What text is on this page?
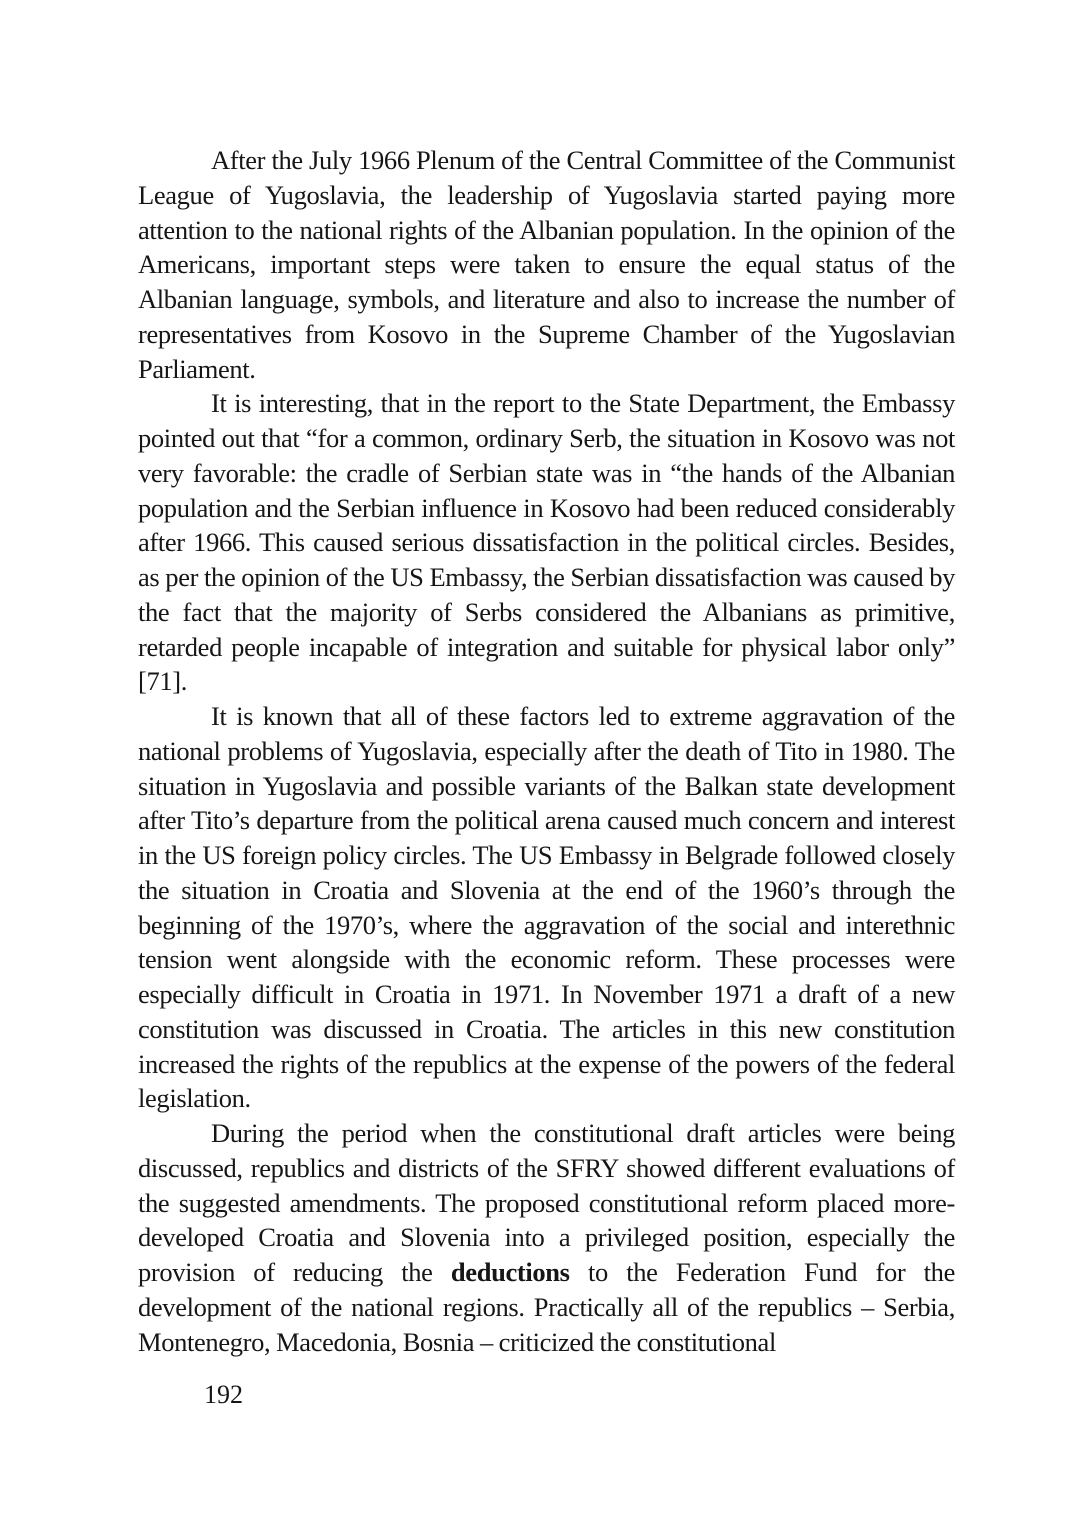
After the July 1966 Plenum of the Central Committee of the Communist League of Yugoslavia, the leadership of Yugoslavia started paying more attention to the national rights of the Albanian population. In the opinion of the Americans, important steps were taken to ensure the equal status of the Albanian language, symbols, and literature and also to increase the number of representatives from Kosovo in the Supreme Chamber of the Yugoslavian Parliament.

It is interesting, that in the report to the State Department, the Embassy pointed out that “for a common, ordinary Serb, the situation in Kosovo was not very favorable: the cradle of Serbian state was in “the hands of the Albanian population and the Serbian influence in Kosovo had been reduced considerably after 1966. This caused serious dissatisfaction in the political circles. Besides, as per the opinion of the US Embassy, the Serbian dissatisfaction was caused by the fact that the majority of Serbs considered the Albanians as primitive, retarded people incapable of integration and suitable for physical labor only” [71].

It is known that all of these factors led to extreme aggravation of the national problems of Yugoslavia, especially after the death of Tito in 1980. The situation in Yugoslavia and possible variants of the Balkan state development after Tito’s departure from the political arena caused much concern and interest in the US foreign policy circles. The US Embassy in Belgrade followed closely the situation in Croatia and Slovenia at the end of the 1960’s through the beginning of the 1970’s, where the aggravation of the social and interethnic tension went alongside with the economic reform. These processes were especially difficult in Croatia in 1971. In November 1971 a draft of a new constitution was discussed in Croatia. The articles in this new constitution increased the rights of the republics at the expense of the powers of the federal legislation.

During the period when the constitutional draft articles were being discussed, republics and districts of the SFRY showed different evaluations of the suggested amendments. The proposed constitutional reform placed more-developed Croatia and Slovenia into a privileged position, especially the provision of reducing the deductions to the Federation Fund for the development of the national regions. Practically all of the republics – Serbia, Montenegro, Macedonia, Bosnia – criticized the constitutional

192
